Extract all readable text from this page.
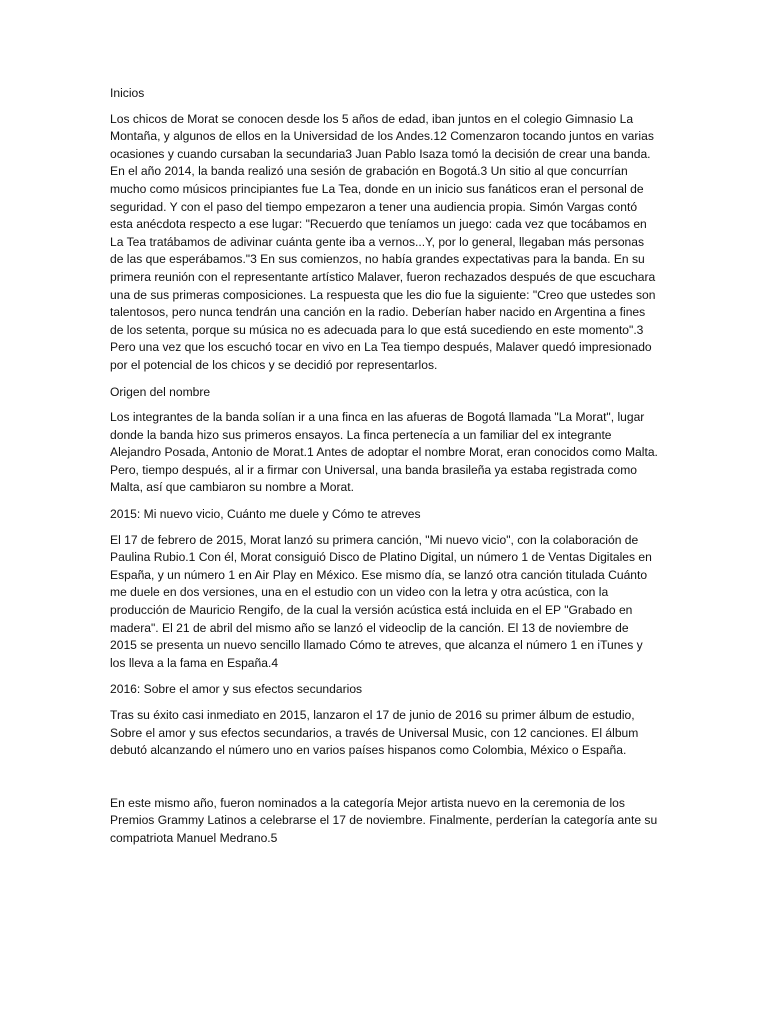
Inicios

Los chicos de Morat se conocen desde los 5 años de edad, iban juntos en el colegio Gimnasio La Montaña, y algunos de ellos en la Universidad de los Andes.12 Comenzaron tocando juntos en varias ocasiones y cuando cursaban la secundaria3 Juan Pablo Isaza tomó la decisión de crear una banda. En el año 2014, la banda realizó una sesión de grabación en Bogotá.3 Un sitio al que concurrían mucho como músicos principiantes fue La Tea, donde en un inicio sus fanáticos eran el personal de seguridad. Y con el paso del tiempo empezaron a tener una audiencia propia. Simón Vargas contó esta anécdota respecto a ese lugar: "Recuerdo que teníamos un juego: cada vez que tocábamos en La Tea tratábamos de adivinar cuánta gente iba a vernos...Y, por lo general, llegaban más personas de las que esperábamos."3 En sus comienzos, no había grandes expectativas para la banda. En su primera reunión con el representante artístico Malaver, fueron rechazados después de que escuchara una de sus primeras composiciones. La respuesta que les dio fue la siguiente: "Creo que ustedes son talentosos, pero nunca tendrán una canción en la radio. Deberían haber nacido en Argentina a fines de los setenta, porque su música no es adecuada para lo que está sucediendo en este momento".3 Pero una vez que los escuchó tocar en vivo en La Tea tiempo después, Malaver quedó impresionado por el potencial de los chicos y se decidió por representarlos.

Origen del nombre

Los integrantes de la banda solían ir a una finca en las afueras de Bogotá llamada "La Morat", lugar donde la banda hizo sus primeros ensayos. La finca pertenecía a un familiar del ex integrante Alejandro Posada, Antonio de Morat.1 Antes de adoptar el nombre Morat, eran conocidos como Malta. Pero, tiempo después, al ir a firmar con Universal, una banda brasileña ya estaba registrada como Malta, así que cambiaron su nombre a Morat.

2015: Mi nuevo vicio, Cuánto me duele y Cómo te atreves

El 17 de febrero de 2015, Morat lanzó su primera canción, "Mi nuevo vicio", con la colaboración de Paulina Rubio.1 Con él, Morat consiguió Disco de Platino Digital, un número 1 de Ventas Digitales en España, y un número 1 en Air Play en México. Ese mismo día, se lanzó otra canción titulada Cuánto me duele en dos versiones, una en el estudio con un video con la letra y otra acústica, con la producción de Mauricio Rengifo, de la cual la versión acústica está incluida en el EP "Grabado en madera". El 21 de abril del mismo año se lanzó el videoclip de la canción. El 13 de noviembre de 2015 se presenta un nuevo sencillo llamado Cómo te atreves, que alcanza el número 1 en iTunes y los lleva a la fama en España.4

2016: Sobre el amor y sus efectos secundarios

Tras su éxito casi inmediato en 2015, lanzaron el 17 de junio de 2016 su primer álbum de estudio, Sobre el amor y sus efectos secundarios, a través de Universal Music, con 12 canciones. El álbum debutó alcanzando el número uno en varios países hispanos como Colombia, México o España.

En este mismo año, fueron nominados a la categoría Mejor artista nuevo en la ceremonia de los Premios Grammy Latinos a celebrarse el 17 de noviembre. Finalmente, perderían la categoría ante su compatriota Manuel Medrano.5
